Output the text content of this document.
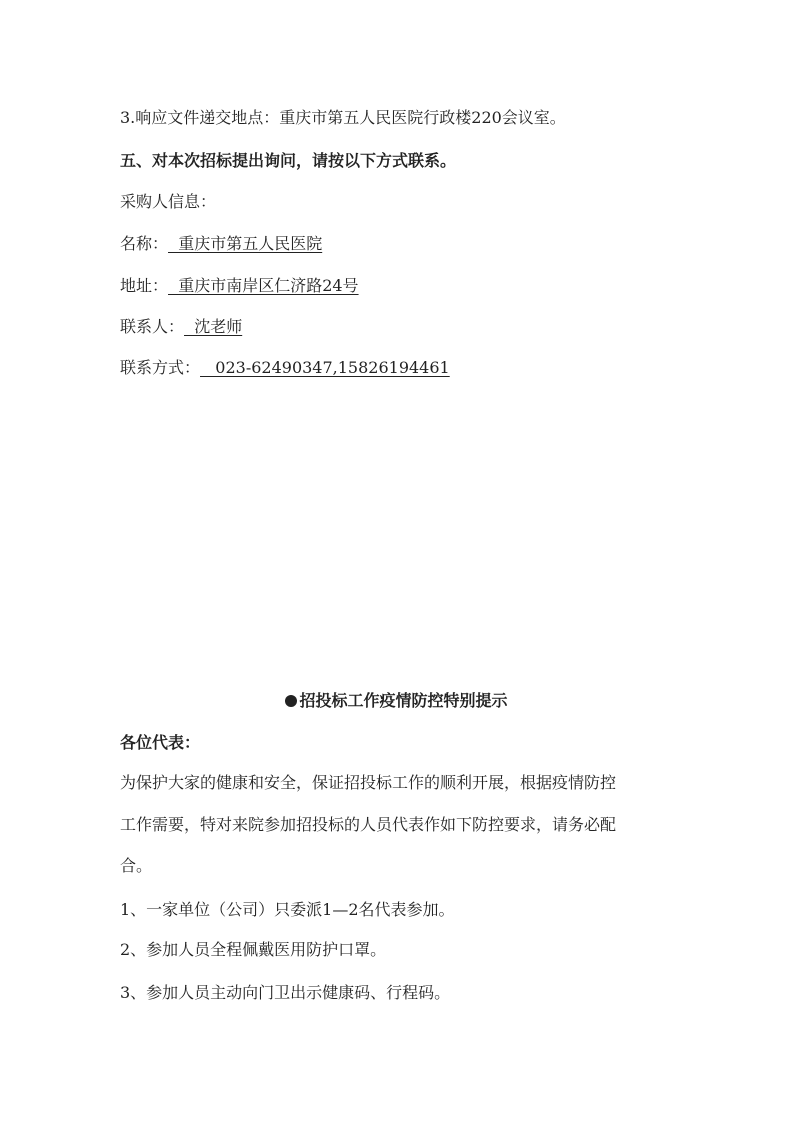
3.响应文件递交地点：重庆市第五人民医院行政楼220会议室。
五、对本次招标提出询问，请按以下方式联系。
采购人信息：
名称：  重庆市第五人民医院
地址：  重庆市南岸区仁济路24号
联系人：  沈老师
联系方式：   023-62490347,15826194461
招投标工作疫情防控特别提示
各位代表：
为保护大家的健康和安全，保证招投标工作的顺利开展，根据疫情防控
工作需要，特对来院参加招投标的人员代表作如下防控要求，请务必配
合。
1、一家单位（公司）只委派1—2名代表参加。
2、参加人员全程佩戴医用防护口罩。
3、参加人员主动向门卫出示健康码、行程码。
